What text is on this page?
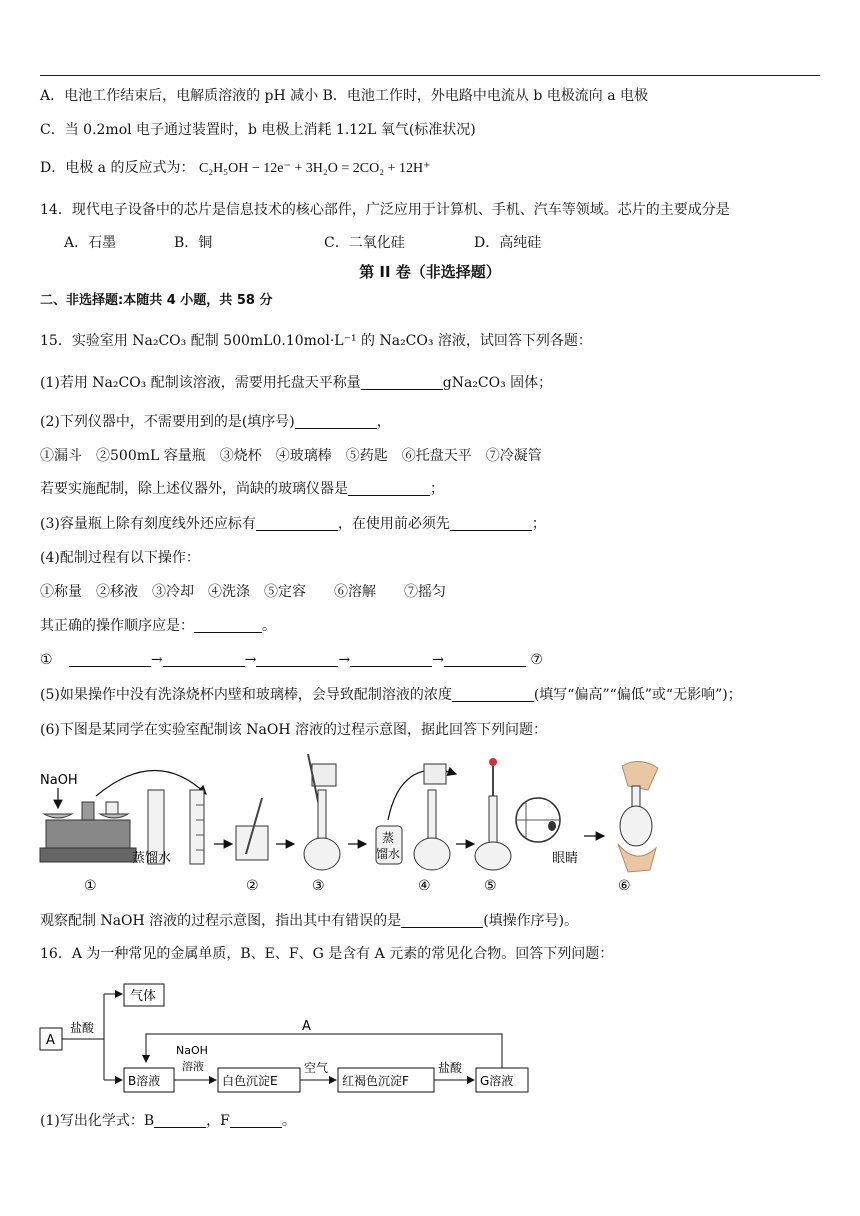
A．电池工作结束后，电解质溶液的 pH 减小 B．电池工作时，外电路中电流从 b 电极流向 a 电极
C．当 0.2mol 电子通过装置时，b 电极上消耗 1.12L 氧气(标准状况)
D．电极 a 的反应式为： C₂H₅OH − 12e⁻ + 3H₂O = 2CO₂ + 12H⁺
14．现代电子设备中的芯片是信息技术的核心部件，广泛应用于计算机、手机、汽车等领域。芯片的主要成分是
A．石墨	B．铜	C．二氧化硅	D．高纯硅
第 II 卷（非选择题）
二、非选择题:本随共 4 小题，共 58 分
15．实验室用 Na₂CO₃ 配制 500mL0.10mol·L⁻¹ 的 Na₂CO₃ 溶液，试回答下列各题：
(1)若用 Na₂CO₃ 配制该溶液，需要用托盘天平称量	gNa₂CO₃ 固体；
(2)下列仪器中，不需要用到的是(填序号)	，
①漏斗　②500mL 容量瓶　③烧杯　④玻璃棒　⑤药匙　⑥托盘天平　⑦冷凝管
若要实施配制，除上述仪器外，尚缺的玻璃仪器是	；
(3)容量瓶上除有刻度线外还应标有	，在使用前必须先	；
(4)配制过程有以下操作：
①称量　②移液　③冷却　④洗涤　⑤定容　　⑥溶解　　⑦摇匀
其正确的操作顺序应是：	。
①	→	→	→	→	⑦
(5)如果操作中没有洗涤烧杯内壁和玻璃棒，会导致配制溶液的浓度	(填写“偏高”“偏低”或“无影响”)；
(6)下图是某同学在实验室配制该 NaOH 溶液的过程示意图，据此回答下列问题：
NaOH
蒸馏水
①	②	③
蒸
馏水
④	⑤
眼睛
⑥
观察配制 NaOH 溶液的过程示意图，指出其中有错误的是	(填操作序号)。
16．A 为一种常见的金属单质，B、E、F、G 是含有 A 元素的常见化合物。回答下列问题：
A
盐酸
气体
A
B溶液
NaOH
溶液
白色沉淀E
空气
红褐色沉淀F
盐酸
G溶液
(1)写出化学式：B	，F	。
